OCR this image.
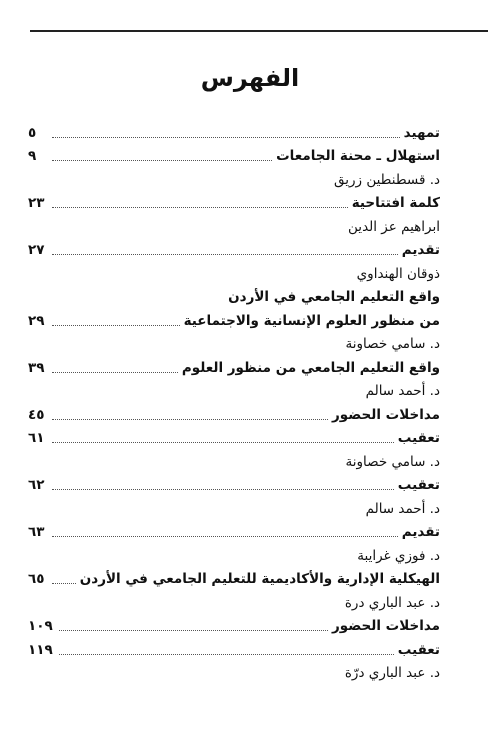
الفهرس
تمهيد
٥
استهلال ـ محنة الجامعات
٩
د. قسطنطين زريق
كلمة افتتاحية
٢٣
ابراهيم عز الدين
تقديم
٢٧
ذوقان الهنداوي
واقع التعليم الجامعي في الأردن
من منظور العلوم الإنسانية والاجتماعية
٢٩
د. سامي خصاونة
واقع التعليم الجامعي من منظور العلوم
٣٩
د. أحمد سالم
مداخلات الحضور
٤٥
تعقيب
٦١
د. سامي خصاونة
تعقيب
٦٢
د. أحمد سالم
تقديم
٦٣
د. فوزي غرايبة
الهيكلية الإدارية والأكاديمية للتعليم الجامعي في الأردن
٦٥
د. عبد الباري درة
مداخلات الحضور
١٠٩
تعقيب
١١٩
د. عبد الباري درّة
